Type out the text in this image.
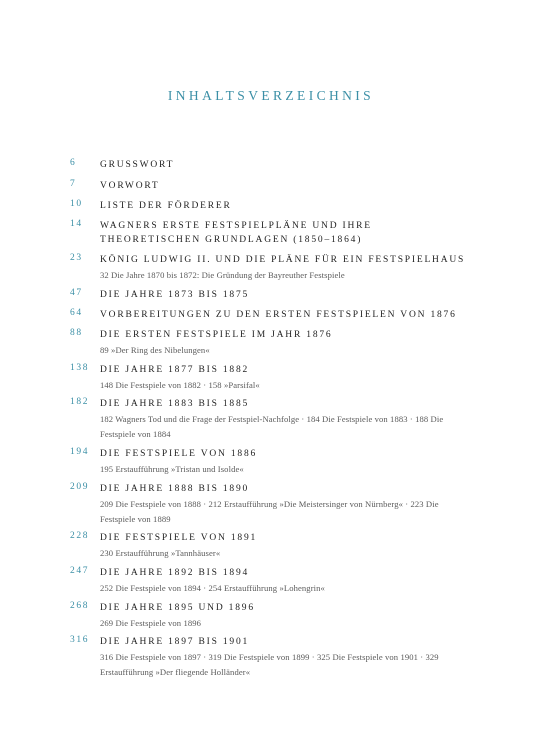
INHALTSVERZEICHNIS
6 GRUSSWORT
7 VORWORT
10 LISTE DER FÖRDERER
14 WAGNERS ERSTE FESTSPIELPLÄNE UND IHRE THEORETISCHEN GRUNDLAGEN (1850–1864)
23 KÖNIG LUDWIG II. UND DIE PLÄNE FÜR EIN FESTSPIELHAUS
32 Die Jahre 1870 bis 1872: Die Gründung der Bayreuther Festspiele
47 DIE JAHRE 1873 BIS 1875
64 VORBEREITUNGEN ZU DEN ERSTEN FESTSPIELEN VON 1876
88 DIE ERSTEN FESTSPIELE IM JAHR 1876
89 »Der Ring des Nibelungen«
138 DIE JAHRE 1877 BIS 1882
148 Die Festspiele von 1882 · 158 »Parsifal«
182 DIE JAHRE 1883 BIS 1885
182 Wagners Tod und die Frage der Festspiel-Nachfolge · 184 Die Festspiele von 1883 · 188 Die Festspiele von 1884
194 DIE FESTSPIELE VON 1886
195 Erstaufführung »Tristan und Isolde«
209 DIE JAHRE 1888 BIS 1890
209 Die Festspiele von 1888 · 212 Erstaufführung »Die Meistersinger von Nürnberg« · 223 Die Festspiele von 1889
228 DIE FESTSPIELE VON 1891
230 Erstaufführung »Tannhäuser«
247 DIE JAHRE 1892 BIS 1894
252 Die Festspiele von 1894 · 254 Erstaufführung »Lohengrin«
268 DIE JAHRE 1895 UND 1896
269 Die Festspiele von 1896
316 DIE JAHRE 1897 BIS 1901
316 Die Festspiele von 1897 · 319 Die Festspiele von 1899 · 325 Die Festspiele von 1901 · 329 Erstaufführung »Der fliegende Holländer«
